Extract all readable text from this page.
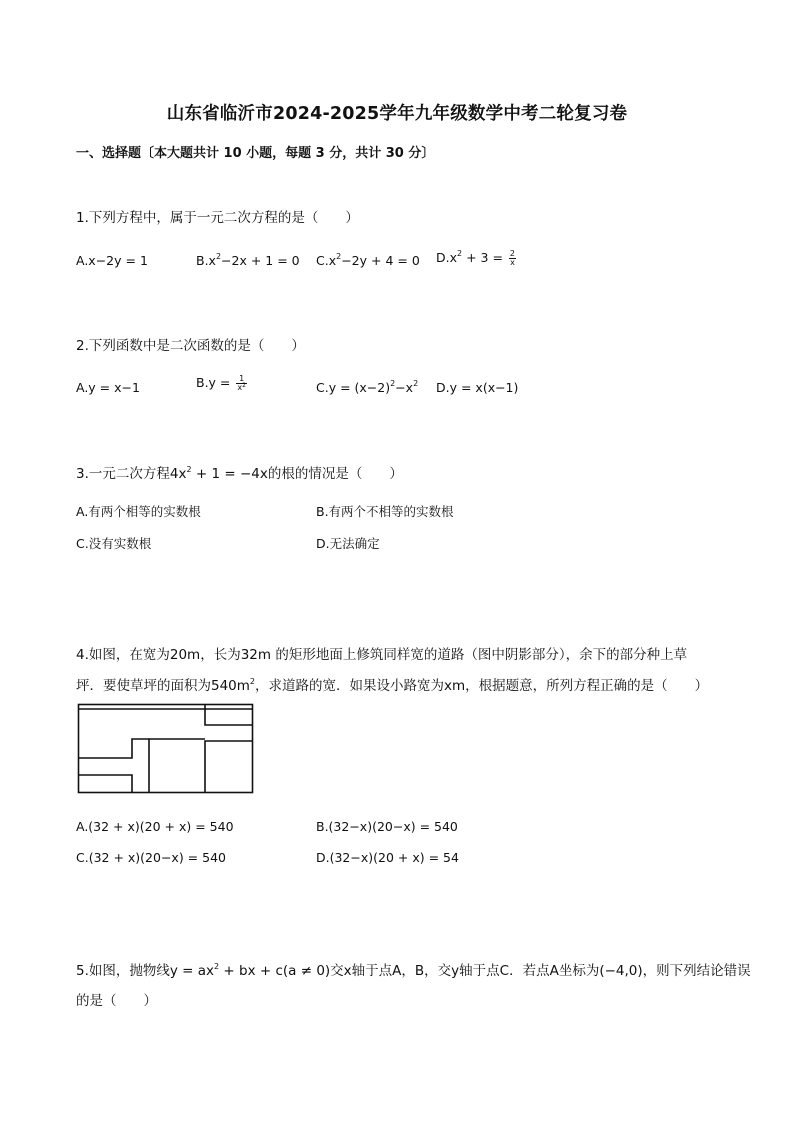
山东省临沂市2024-2025学年九年级数学中考二轮复习卷
一、选择题〔本大题共计 10 小题，每题 3 分，共计 30 分〕
1.下列方程中，属于一元二次方程的是（　　）
A.x−2y = 1	$B.x^2-2x + 1 = 0$ $C.x^2-2y + 4 = 0$ $D.x^2 + 3 = \frac{2}{x}$
2.下列函数中是二次函数的是（　　）
A.y = x−1	$B.y = \frac{1}{x^2}$	$C.y = (x-2)^2-x^2$ D.y = x(x−1)
3.一元二次方程$4x^2 + 1 = -4x$的根的情况是（　　）
A.有两个相等的实数根	B.有两个不相等的实数根
C.没有实数根	D.无法确定
4.如图，在宽为20m，长为32m 的矩形地面上修筑同样宽的道路（图中阴影部分），余下的部分种上草
坪．要使草坪的面积为$540m^2$，求道路的宽．如果设小路宽为xm，根据题意，所列方程正确的是（　　）
A.(32 + x)(20 + x) = 540	B.(32−x)(20−x) = 540
C.(32 + x)(20−x) = 540	D.(32−x)(20 + x) = 54
5.如图，抛物线$y = ax^2$ + bx + c(a ≠ 0)交x轴于点A，B，交y轴于点C．若点A坐标为(−4,0)，则下列结论错误
的是（　　）
